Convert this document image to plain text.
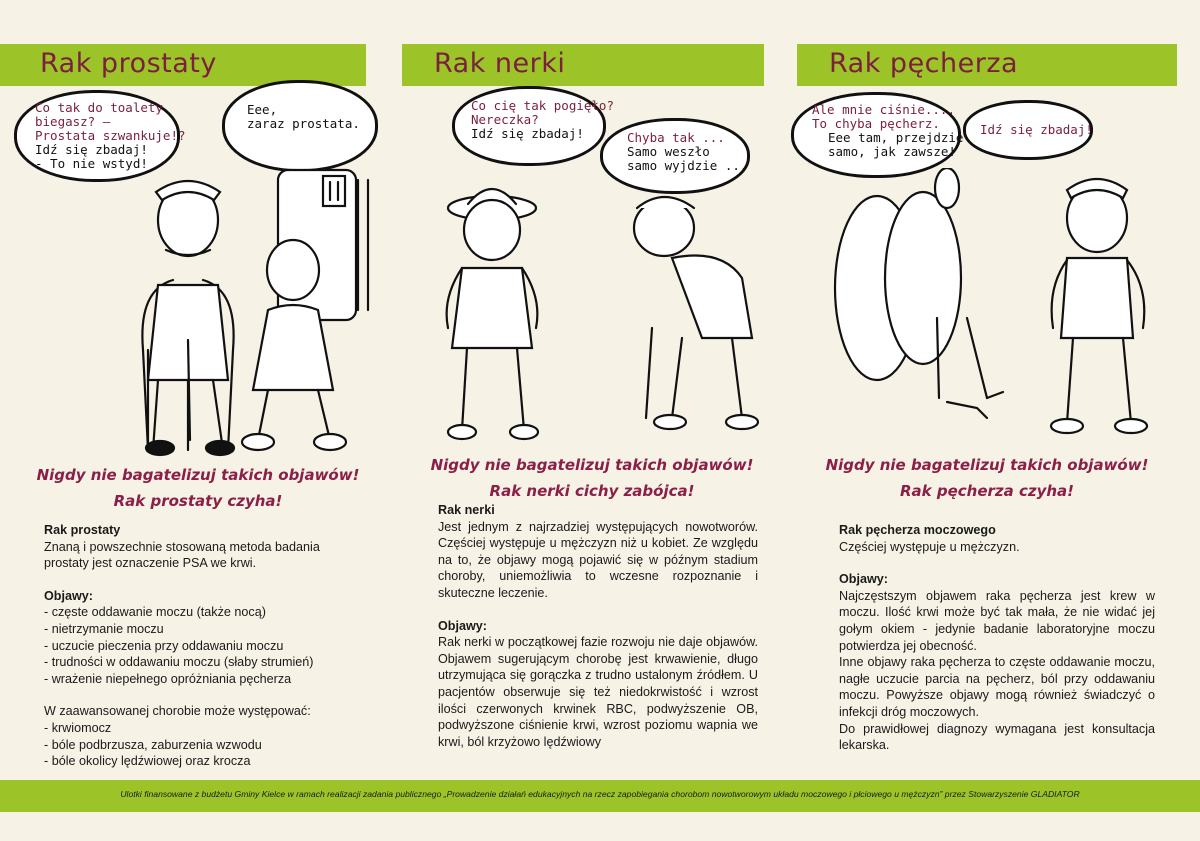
Rak prostaty
Co tak do toalety
biegasz? –
Prostata szwankuje!?
Idź się zbadaj!
- To nie wstyd!
Eee,
zaraz prostata.
Nigdy nie bagatelizuj takich objawów!
Rak prostaty czyha!
Rak prostaty
Znaną i powszechnie stosowaną metoda badania prostaty jest oznaczenie PSA we krwi.
Objawy:
- częste oddawanie moczu (także nocą)
- nietrzymanie moczu
- uczucie pieczenia przy oddawaniu moczu
- trudności w oddawaniu moczu (słaby strumień)
- wrażenie niepełnego opróżniania pęcherza
W zaawansowanej chorobie może występować:
- krwiomocz
- bóle podbrzusza, zaburzenia wzwodu
- bóle okolicy lędźwiowej oraz krocza
Rak nerki
Co cię tak pogięło?
Nereczka?
Idź się zbadaj!	Chyba tak ...
Samo weszło
samo wyjdzie ...
Nigdy nie bagatelizuj takich objawów!
Rak nerki cichy zabójca!
Rak nerki
Jest jednym z najrzadziej występujących nowotworów. Częściej występuje u mężczyzn niż u kobiet. Ze względu na to, że objawy mogą pojawić się w późnym stadium choroby, uniemożliwia to wczesne rozpoznanie i skuteczne leczenie.
Objawy:
Rak nerki w początkowej fazie rozwoju nie daje objawów. Objawem sugerującym chorobę jest krwawienie, długo utrzymująca się gorączka z trudno ustalonym źródłem. U pacjentów obserwuje się też niedokrwistość i wzrost ilości czerwonych krwinek RBC, podwyższenie OB, podwyższone ciśnienie krwi, wzrost poziomu wapnia we krwi, ból krzyżowo lędźwiowy
Rak pęcherza
Ale mnie ciśnie....
To chyba pęcherz.
Eee tam, przejdzie
samo, jak zawsze!
Idź się zbadaj!
Nigdy nie bagatelizuj takich objawów!
Rak pęcherza czyha!
Rak pęcherza moczowego
Częściej występuje u mężczyzn.
Objawy:
Najczęstszym objawem raka pęcherza jest krew w moczu. Ilość krwi może być tak mała, że nie widać jej gołym okiem - jedynie badanie laboratoryjne moczu potwierdza jej obecność.
Inne objawy raka pęcherza to częste oddawanie moczu, nagłe uczucie parcia na pęcherz, ból przy oddawaniu moczu. Powyższe objawy mogą również świadczyć o infekcji dróg moczowych.
Do prawidłowej diagnozy wymagana jest konsultacja lekarska.
Ulotki finansowane z budżetu Gminy Kielce w ramach realizacji zadania publicznego „Prowadzenie działań edukacyjnych na rzecz zapobiegania chorobom nowotworowym układu moczowego i płciowego u mężczyzn” przez Stowarzyszenie GLADIATOR
